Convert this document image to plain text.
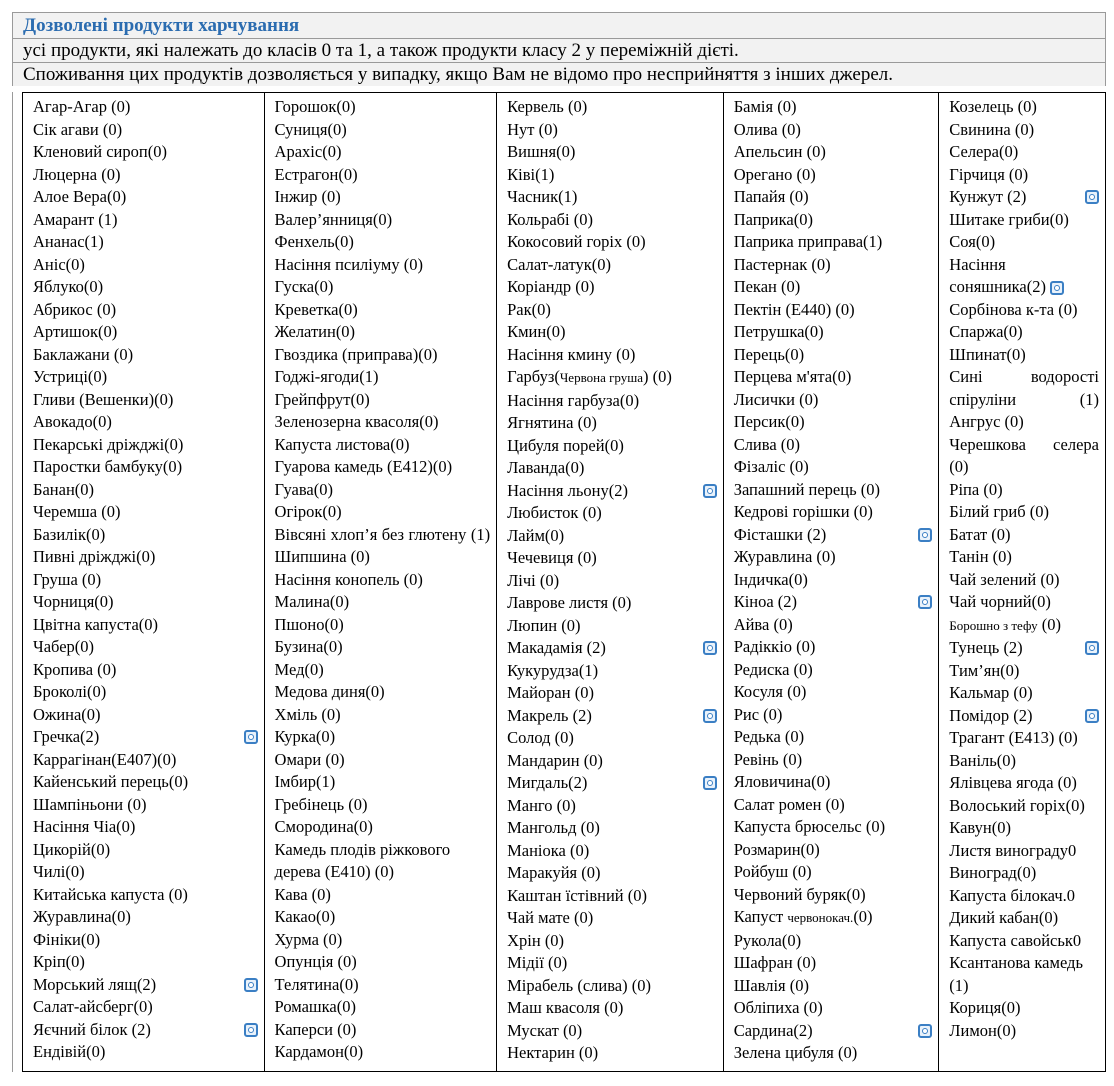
Дозволені продукти харчування
усі продукти, які належать до класів 0 та 1, а також продукти класу 2 у переміжній дієті.
Споживання цих продуктів дозволяється у випадку, якщо Вам не відомо про несприйняття з інших джерел.
Агар-Агар (0)
Сік агави (0)
Кленовий сироп(0)
Люцерна (0)
Алое Вера(0)
Амарант (1)
Ананас(1)
Аніс(0)
Яблуко(0)
Абрикос (0)
Артишок(0)
Баклажани (0)
Устриці(0)
Гливи (Вешенки)(0)
Авокадо(0)
Пекарські дріжджі(0)
Паростки бамбуку(0)
Банан(0)
Черемша (0)
Базилік(0)
Пивні дріжджі(0)
Груша (0)
Чорниця(0)
Цвітна капуста(0)
Чабер(0)
Кропива (0)
Броколі(0)
Ожина(0)
Гречка(2)
Каррагінан(Е407)(0)
Кайенський перець(0)
Шампіньони (0)
Насіння Чіа(0)
Цикорій(0)
Чилі(0)
Китайська капуста (0)
Журавлина(0)
Фініки(0)
Кріп(0)
Морський лящ(2)
Салат-айсберг(0)
Яєчний білок (2)
Ендівій(0)
Горошок(0)
Суниця(0)
Арахіс(0)
Естрагон(0)
Інжир (0)
Валер’янниця(0)
Фенхель(0)
Насіння псиліуму (0)
Гуска(0)
Креветка(0)
Желатин(0)
Гвоздика (приправа)(0)
Годжі-ягоди(1)
Грейпфрут(0)
Зеленозерна квасоля(0)
Капуста листова(0)
Гуарова камедь (Е412)(0)
Гуава(0)
Огірок(0)
Вівсяні хлоп’я без глютену (1)
Шипшина (0)
Насіння конопель (0)
Малина(0)
Пшоно(0)
Бузина(0)
Мед(0)
Медова диня(0)
Хміль (0)
Курка(0)
Омари (0)
Імбир(1)
Гребінець (0)
Смородина(0)
Камедь плодів ріжкового дерева (Е410) (0)
Кава (0)
Какао(0)
Хурма (0)
Опунція (0)
Телятина(0)
Ромашка(0)
Каперси (0)
Кардамон(0)
Кервель (0)
Нут (0)
Вишня(0)
Ківі(1)
Часник(1)
Кольрабі (0)
Кокосовий горіх (0)
Салат-латук(0)
Коріандр (0)
Рак(0)
Кмин(0)
Насіння кмину (0)
Гарбуз(Червона груша) (0)
Насіння гарбуза(0)
Ягнятина (0)
Цибуля порей(0)
Лаванда(0)
Насіння льону(2)
Любисток (0)
Лайм(0)
Чечевиця (0)
Лічі (0)
Лаврове листя (0)
Люпин (0)
Макадамія (2)
Кукурудза(1)
Майоран (0)
Макрель (2)
Солод (0)
Мандарин (0)
Мигдаль(2)
Манго (0)
Мангольд (0)
Маніока (0)
Маракуйя (0)
Каштан їстівний (0)
Чай мате (0)
Хрін (0)
Мідії (0)
Мірабель (слива) (0)
Маш квасоля (0)
Мускат (0)
Нектарин (0)
Бамія (0)
Олива (0)
Апельсин (0)
Орегано (0)
Папайя (0)
Паприка(0)
Паприка приправа(1)
Пастернак (0)
Пекан (0)
Пектін (Е440) (0)
Петрушка(0)
Перець(0)
Перцева м'ята(0)
Лисички (0)
Персик(0)
Слива (0)
Фізаліс (0)
Запашний перець (0)
Кедрові горішки (0)
Фісташки (2)
Журавлина (0)
Індичка(0)
Кіноа (2)
Айва (0)
Радіккіо (0)
Редиска (0)
Косуля (0)
Рис (0)
Редька (0)
Ревінь (0)
Яловичина(0)
Салат ромен (0)
Капуста брюсельс (0)
Розмарин(0)
Ройбуш (0)
Червоний буряк(0)
Капуст червонокач.(0)
Рукола(0)
Шафран (0)
Шавлія (0)
Обліпиха (0)
Сардина(2)
Зелена цибуля (0)
Козелець (0)
Свинина (0)
Селера(0)
Гірчиця (0)
Кунжут (2)
Шитаке гриби(0)
Соя(0)
Насіння соняшника(2)
Сорбінова к-та (0)
Спаржа(0)
Шпинат(0)
Сині водорості спіруліни (1)
Ангрус (0)
Черешкова селера (0)
Ріпа (0)
Білий гриб (0)
Батат (0)
Танін (0)
Чай зелений (0)
Чай чорний(0)
Борошно з тефу (0)
Тунець (2)
Тим’ян(0)
Кальмар (0)
Помідор (2)
Трагант (Е413) (0)
Ваніль(0)
Ялівцева ягода (0)
Волоський горіх(0)
Кавун(0)
Листя винограду0
Виноград(0)
Капуста білокач.0
Дикий кабан(0)
Капуста савойськ0
Ксантанова камедь (1)
Кориця(0)
Лимон(0)
